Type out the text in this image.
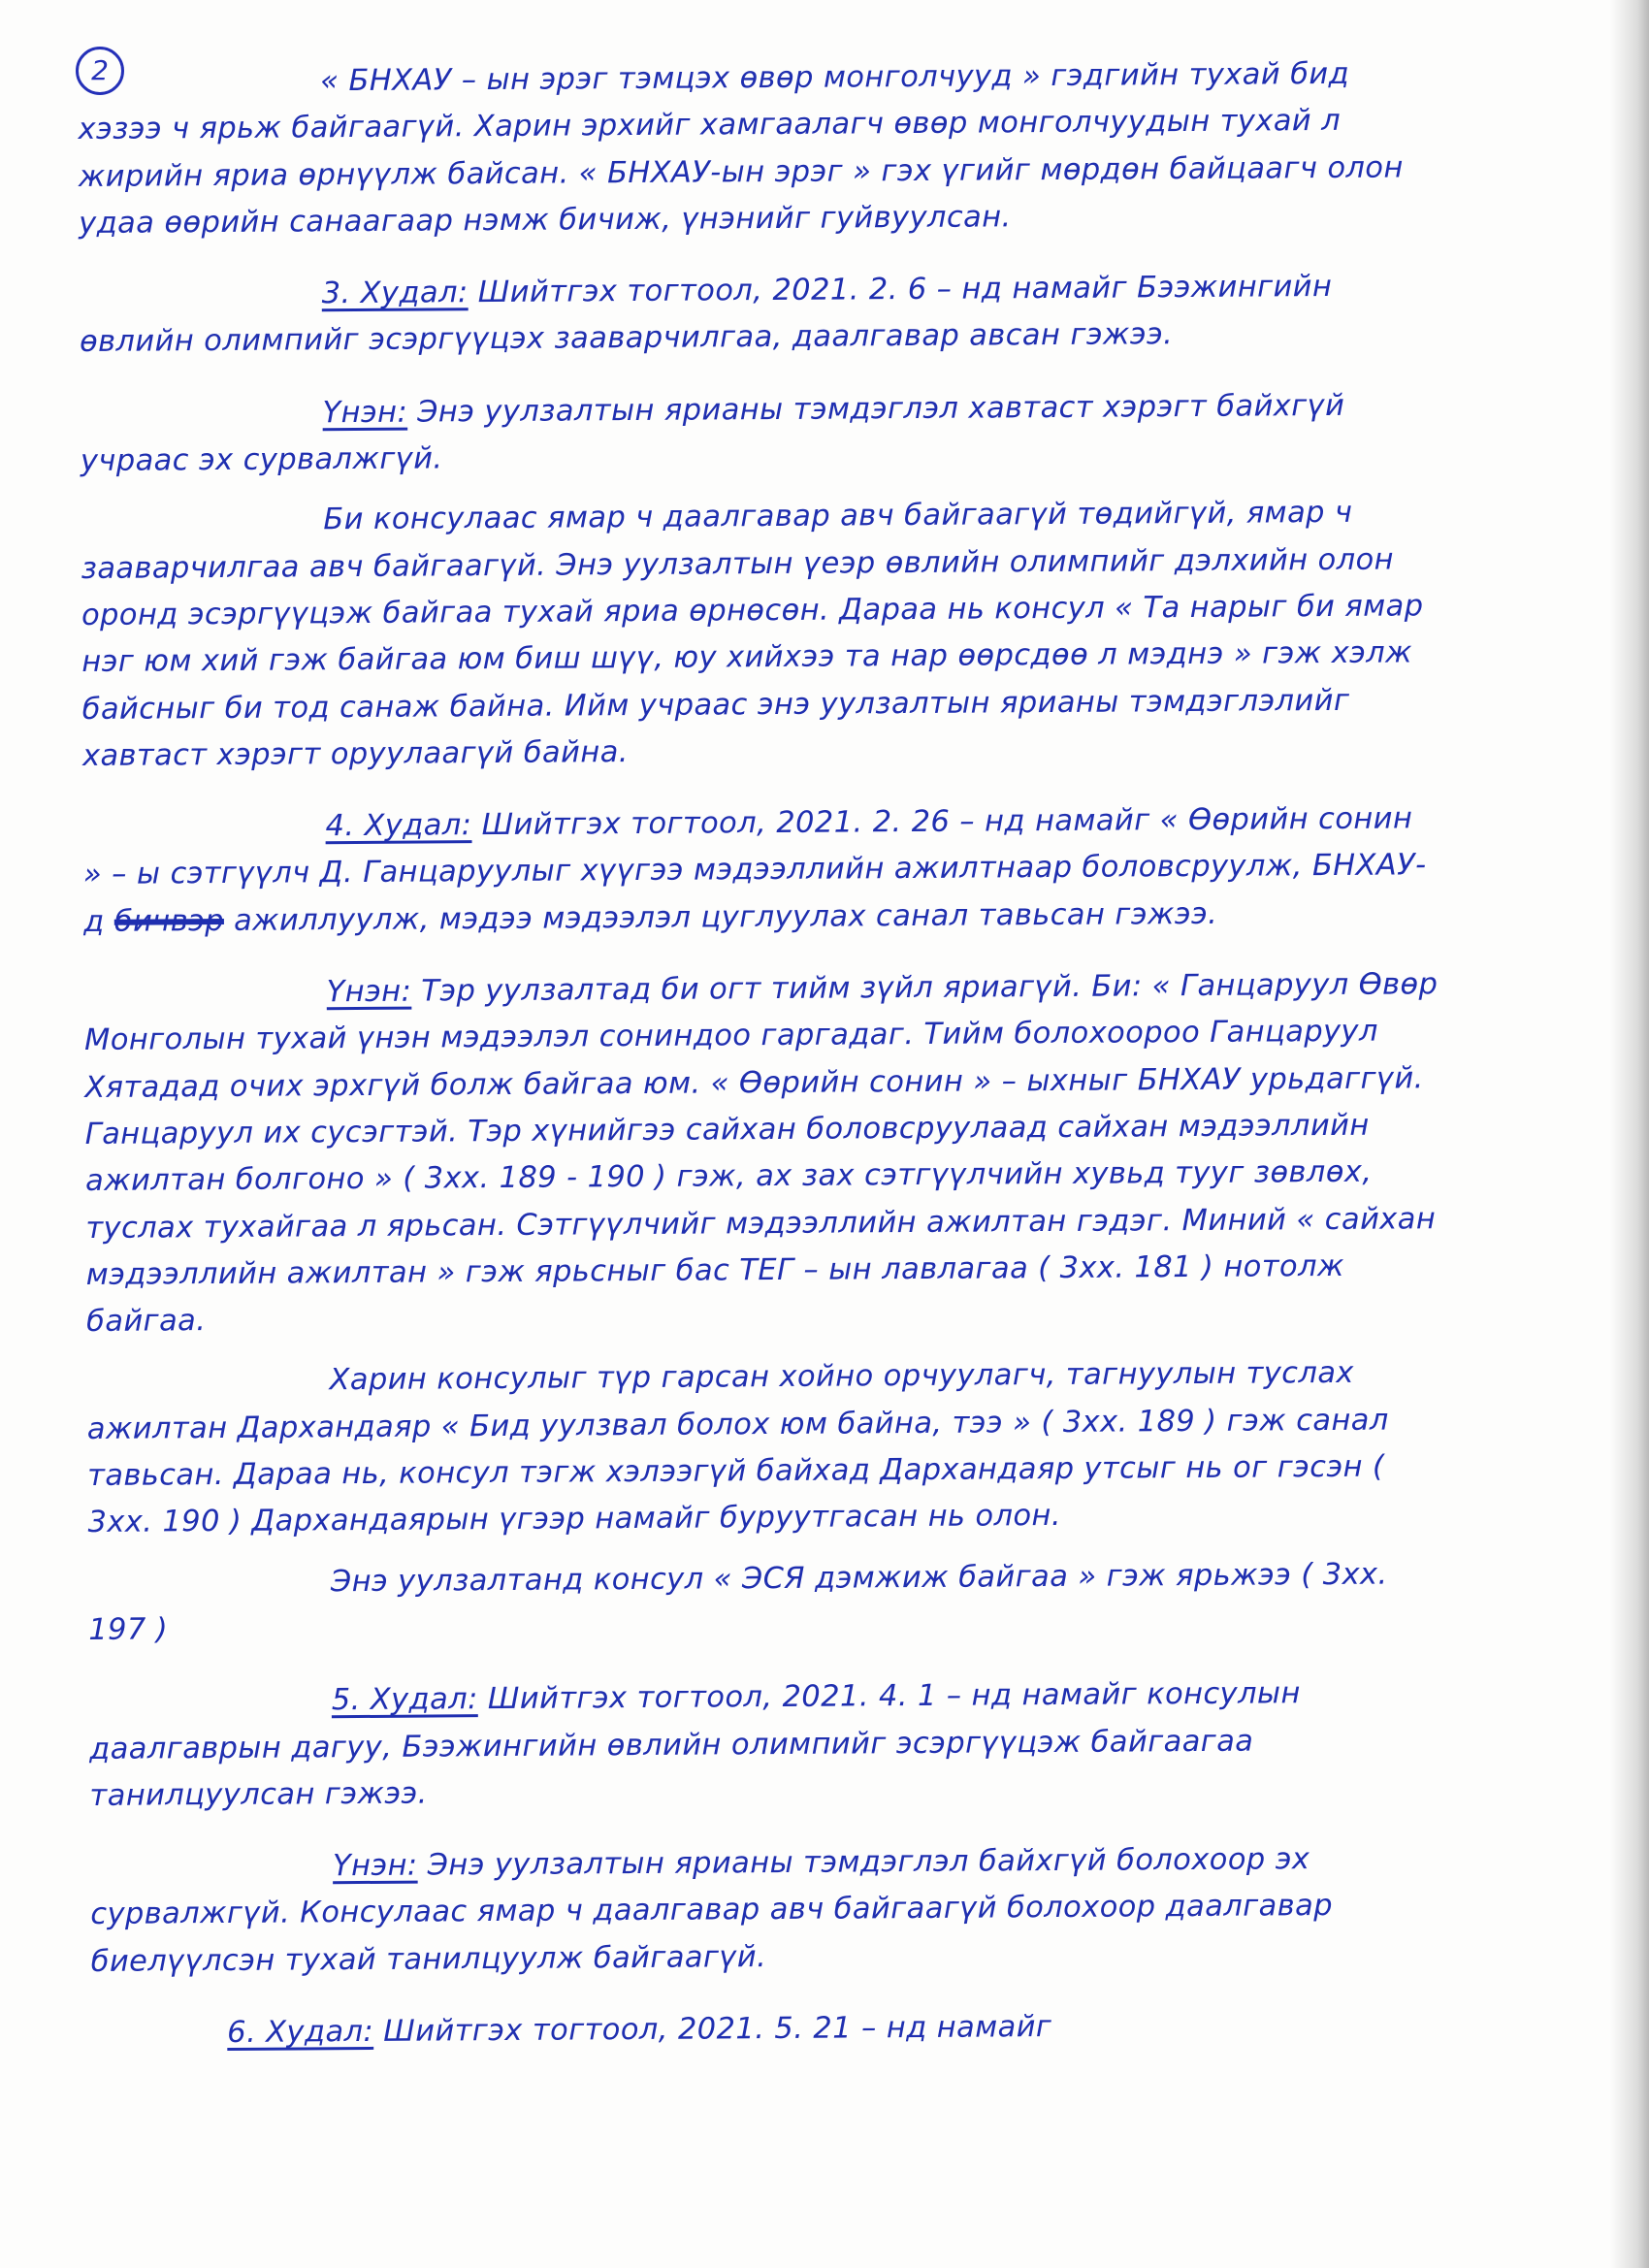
2	« БНХАУ – ын эрэг тэмцэх өвөр монголчууд » гэдгийн тухай бид хэзээ ч ярьж байгаагүй. Харин эрхийг хамгаалагч өвөр монголчуудын тухай л жирийн яриа өрнүүлж байсан. « БНХАУ-ын эрэг » гэх үгийг мөрдөн байцаагч олон удаа өөрийн санаагаар нэмж бичиж, үнэнийг гуйвуулсан.

3. Худал: Шийтгэх тогтоол, 2021. 2. 6 – нд намайг Бээжингийн өвлийн олимпийг эсэргүүцэх зааварчилгаа, даалгавар авсан гэжээ.

Үнэн: Энэ уулзалтын ярианы тэмдэглэл хавтаст хэрэгт байхгүй учраас эх сурвалжгүй.

Би консулаас ямар ч даалгавар авч байгаагүй төдийгүй, ямар ч зааварчилгаа авч байгаагүй. Энэ уулзалтын үеэр өвлийн олимпийг дэлхийн олон оронд эсэргүүцэж байгаа тухай яриа өрнөсөн. Дараа нь консул « Та нарыг би ямар нэг юм хий гэж байгаа юм биш шүү, юу хийхээ та нар өөрсдөө л мэднэ » гэж хэлж байсныг би тод санаж байна. Ийм учраас энэ уулзалтын ярианы тэмдэглэлийг хавтаст хэрэгт оруулаагүй байна.

4. Худал: Шийтгэх тогтоол, 2021. 2. 26 – нд намайг « Өөрийн сонин » – ы сэтгүүлч Д. Ганцаруулыг хүүгээ мэдээллийн ажилтнаар боловсруулж, БНХАУ-д бичвэр ажиллуулж, мэдээ мэдээлэл цуглуулах санал тавьсан гэжээ.

Үнэн: Тэр уулзалтад би огт тийм зүйл яриагүй. Би: « Ганцаруул Өвөр Монголын тухай үнэн мэдээлэл сониндоо гаргадаг. Тийм болохоороо Ганцаруул Хятадад очих эрхгүй болж байгаа юм. « Өөрийн сонин » – ыхныг БНХАУ урьдаггүй. Ганцаруул их сусэгтэй. Тэр хүнийгээ сайхан боловсруулаад сайхан мэдээллийн ажилтан болгоно » ( 3хх. 189 - 190 ) гэж, ах зах сэтгүүлчийн хувьд тууг зөвлөх, туслах тухайгаа л ярьсан. Сэтгүүлчийг мэдээллийн ажилтан гэдэг. Миний « сайхан мэдээллийн ажилтан » гэж ярьсныг бас ТЕГ – ын лавлагаа ( 3хх. 181 ) нотолж байгаа.

Харин консулыг түр гарсан хойно орчуулагч, тагнуулын туслах ажилтан Дархандаяр « Бид уулзвал болох юм байна, тээ » ( 3хх. 189 ) гэж санал тавьсан. Дараа нь, консул тэгж хэлээгүй байхад Дархандаяр утсыг нь ог гэсэн ( 3хх. 190 ) Дархандаярын үгээр намайг буруутгасан нь олон.

Энэ уулзалтанд консул « ЭСЯ дэмжиж байгаа » гэж ярьжээ ( 3хх. 197 )

5. Худал: Шийтгэх тогтоол, 2021. 4. 1 – нд намайг консулын даалгаврын дагуу, Бээжингийн өвлийн олимпийг эсэргүүцэж байгаагаа танилцуулсан гэжээ.

Үнэн: Энэ уулзалтын ярианы тэмдэглэл байхгүй болохоор эх сурвалжгүй. Консулаас ямар ч даалгавар авч байгаагүй болохоор даалгавар биелүүлсэн тухай танилцуулж байгаагүй.

6. Худал: Шийтгэх тогтоол, 2021. 5. 21 – нд намайг
